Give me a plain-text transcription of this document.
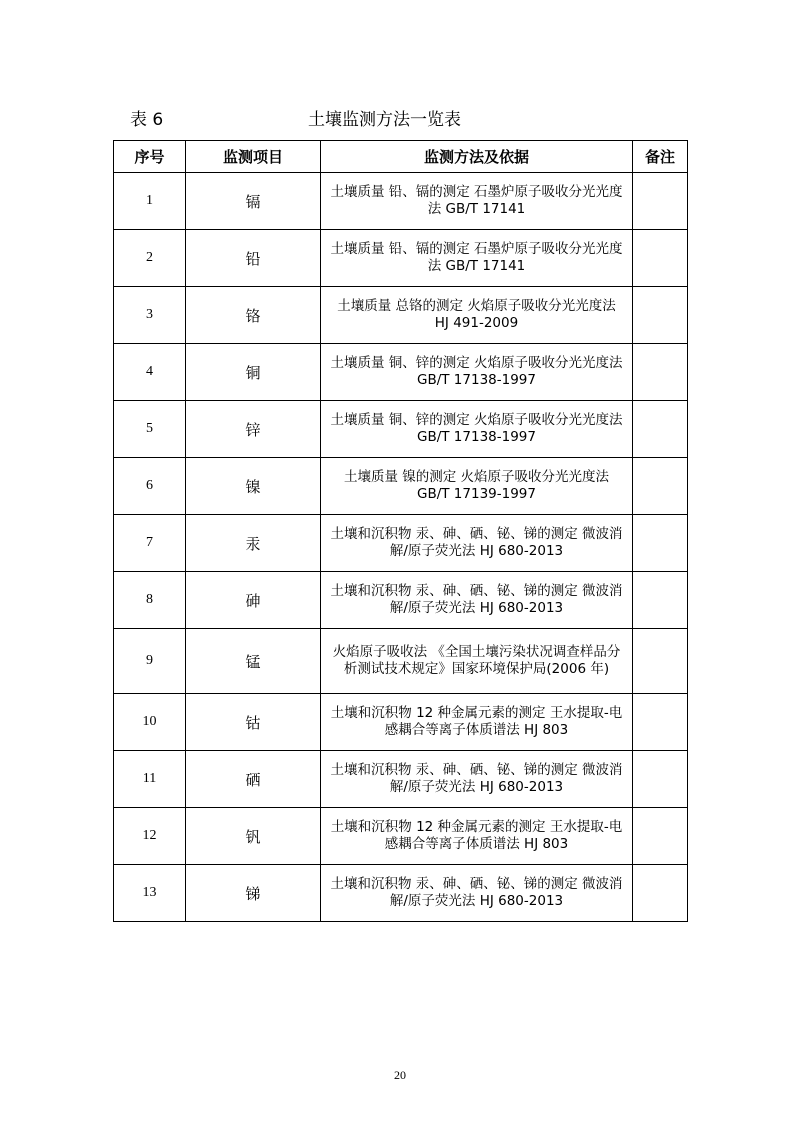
表 6	土壤监测方法一览表
序号	监测项目	监测方法及依据	备注
1	镉	土壤质量 铅、镉的测定 石墨炉原子吸收分光光度法 GB/T 17141	
2	铅	土壤质量 铅、镉的测定 石墨炉原子吸收分光光度法 GB/T 17141	
3	铬	土壤质量 总铬的测定 火焰原子吸收分光光度法 HJ 491-2009	
4	铜	土壤质量 铜、锌的测定 火焰原子吸收分光光度法　GB/T 17138-1997	
5	锌	土壤质量 铜、锌的测定 火焰原子吸收分光光度法 GB/T 17138-1997	
6	镍	土壤质量 镍的测定 火焰原子吸收分光光度法 GB/T 17139-1997	
7	汞	土壤和沉积物 汞、砷、硒、铋、锑的测定 微波消解/原子荧光法 HJ 680-2013	
8	砷	土壤和沉积物 汞、砷、硒、铋、锑的测定 微波消解/原子荧光法 HJ 680-2013	
9	锰	火焰原子吸收法 《全国土壤污染状况调查样品分析测试技术规定》国家环境保护局(2006 年)	
10	钴	土壤和沉积物 12 种金属元素的测定 王水提取-电感耦合等离子体质谱法 HJ 803	
11	硒	土壤和沉积物 汞、砷、硒、铋、锑的测定 微波消解/原子荧光法 HJ 680-2013	
12	钒	土壤和沉积物 12 种金属元素的测定 王水提取-电感耦合等离子体质谱法 HJ 803	
13	锑	土壤和沉积物 汞、砷、硒、铋、锑的测定 微波消解/原子荧光法 HJ 680-2013	
20
